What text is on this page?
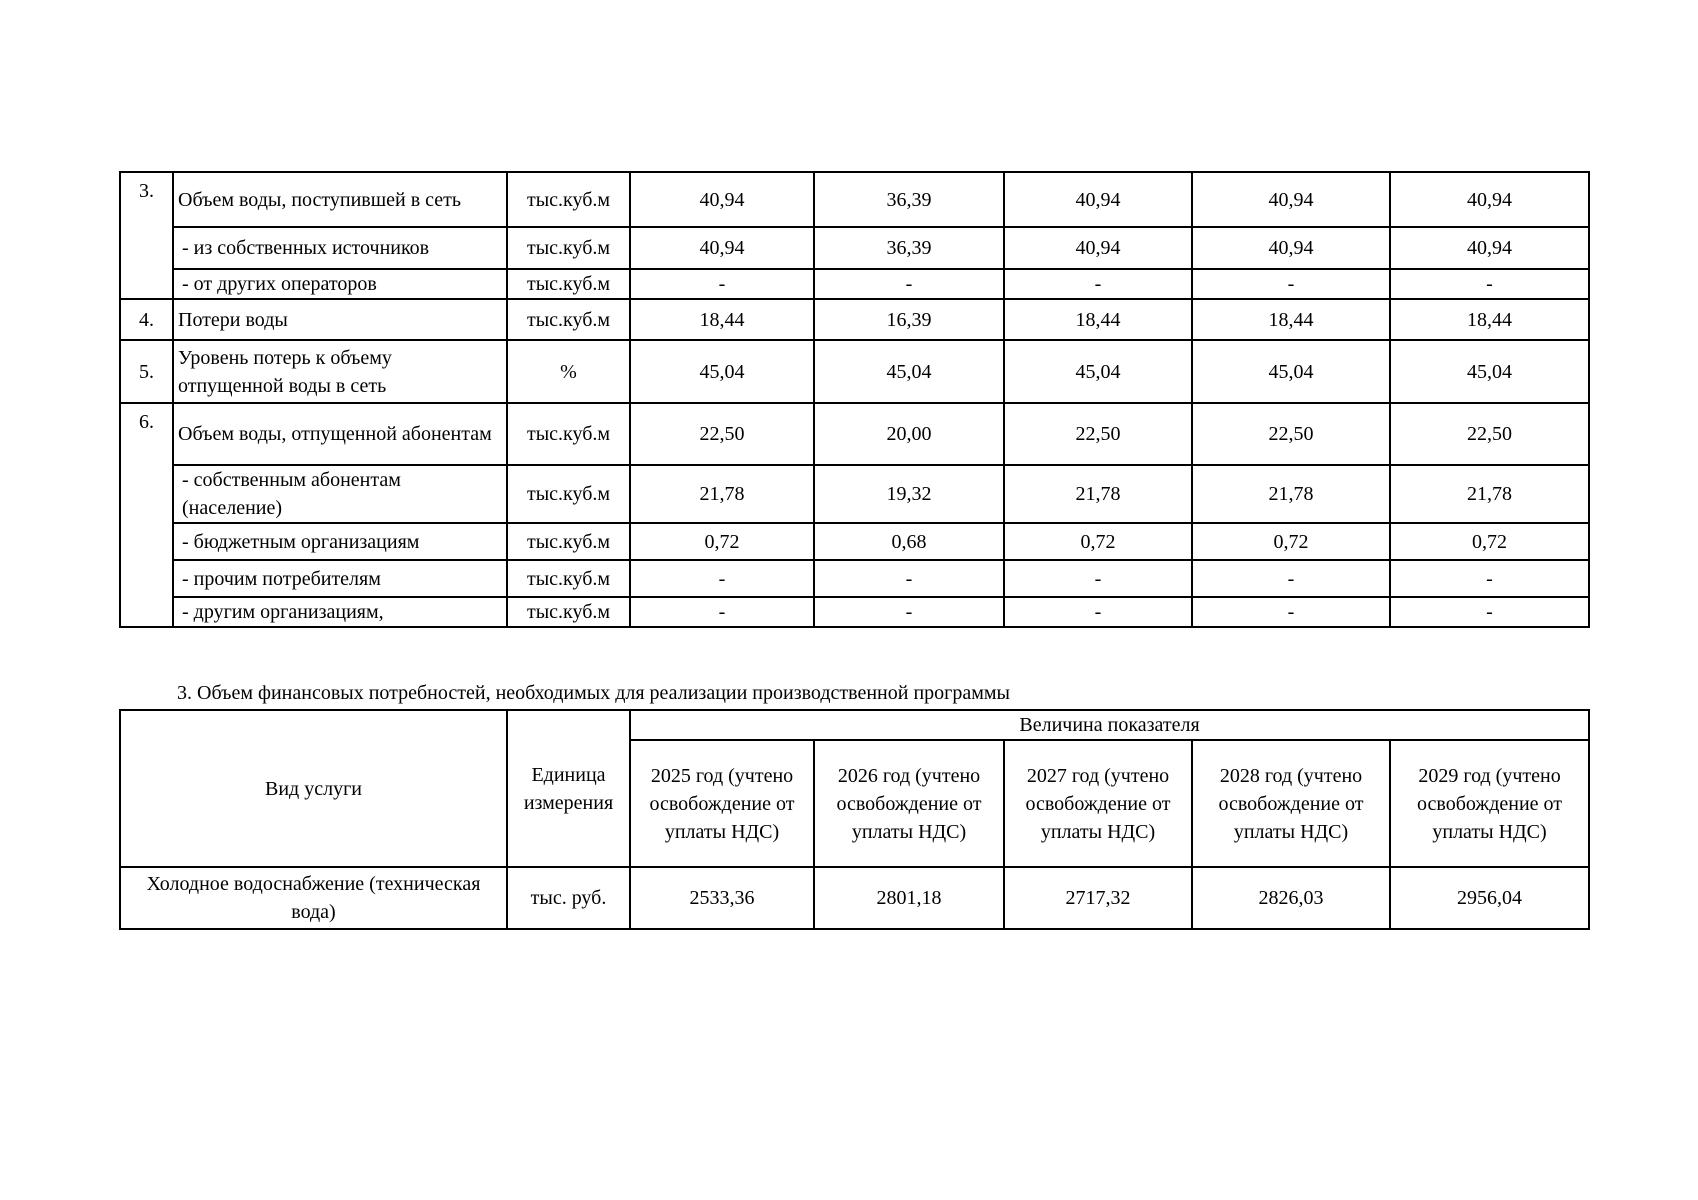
3.	Объем воды, поступившей в сеть	тыс.куб.м	40,94	36,39	40,94	40,94	40,94
	- из собственных источников	тыс.куб.м	40,94	36,39	40,94	40,94	40,94
	- от других операторов	тыс.куб.м	-	-	-	-	-
4.	Потери воды	тыс.куб.м	18,44	16,39	18,44	18,44	18,44
5.	Уровень потерь к объему отпущенной воды в сеть	%	45,04	45,04	45,04	45,04	45,04
6.	Объем воды, отпущенной абонентам	тыс.куб.м	22,50	20,00	22,50	22,50	22,50
	- собственным абонентам (население)	тыс.куб.м	21,78	19,32	21,78	21,78	21,78
	- бюджетным организациям	тыс.куб.м	0,72	0,68	0,72	0,72	0,72
	- прочим потребителям	тыс.куб.м	-	-	-	-	-
	- другим организациям,	тыс.куб.м	-	-	-	-	-
3. Объем финансовых потребностей, необходимых для реализации производственной программы
Вид услуги	Единица измерения	Величина показателя				
		2025 год (учтено освобождение от уплаты НДС)	2026 год (учтено освобождение от уплаты НДС)	2027 год (учтено освобождение от уплаты НДС)	2028 год (учтено освобождение от уплаты НДС)	2029 год (учтено освобождение от уплаты НДС)
Холодное водоснабжение (техническая вода)	тыс. руб.	2533,36	2801,18	2717,32	2826,03	2956,04
